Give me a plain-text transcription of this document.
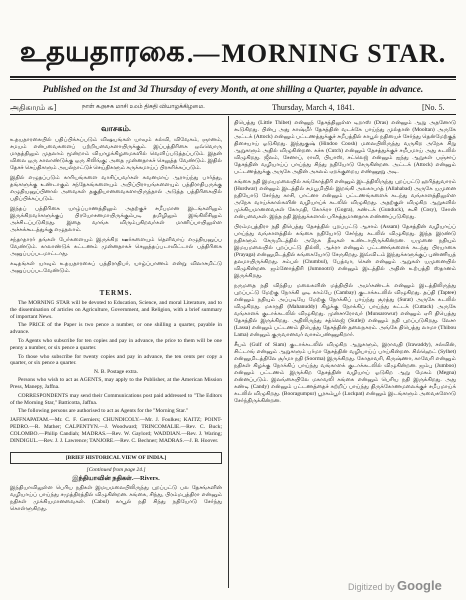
உதயதாரகை .— MORNING STAR.
Published on the 1st and 3d Thursday of every Month, at one shilling a Quarter, payable in advance.
அதிகாரம் ௬]	நாள் ௧௮௪௧ மாசி ௨௰ம் திகதி வியாழக்கிழமை.	Thursday, March 4, 1841.	[No. 5.
வாசகம்.

உதயதாரகையில் பதிப்பிக்கப்படும் விஷயங்கள் யாவும் கல்வி, விவேகம், ஞானம், சமயம் என்பவைகளைப் பற்றியவைகளாயிருக்கும். இப்பத்திரிகை ஒவ்வொரு மாதத்திலும் முதலாம் மூன்றாம் வியாழக்கிழமைகளில் வெளிப்படுத்தப்படும். இதன் விலை ஒரு காலாண்டுக்கு ஒரு சிலிங்கு; அதை முன்னதாகச் செலுத்த வேண்டும். இதில் தேசச் செய்திகளும் அயல்நாட்டுச் செய்திகளும் சுருக்கமாய்ப் பிரசுரிக்கப்படும்.

இதில் எழுதப்படும் காரியங்களை வாசிப்பவர்கள் கவனமாய் ஆராய்ந்து பார்த்து, தங்களுக்கு உண்டாகும் சந்தேகங்களையும் அபிப்பிராயங்களையும் பத்திராதிபருக்கு எழுதியனுப்பினால் அவைகள் தகுதியானவைகளாயிருந்தால் அடுத்த பத்திரிகையில் பதிப்பிக்கப்படும்.

இந்தப் பத்திரிகை யாழ்ப்பாணத்திலும் அதற்குச் சமீபமான இடங்களிலும் இருக்கிறவர்களுக்குப் பிரயோசனமாயிருக்கும்படி தமிழிலும் இங்கிலீசிலும் அச்சிடப்படுகிறது. இதை வாங்க விரும்புகிறவர்கள் மானிப்பாயிலுள்ள அச்சுக்கூடத்துக்கு எழுதலாம்.

சந்தாதாரர் தங்கள் பேர்களையும் இருக்கிற ஊர்களையும் தெளிவாய் எழுதியனுப்ப வேண்டும். காலாண்டுக் கட்டணம் முன்னதாகச் செலுத்தப்படாவிட்டால் பத்திரிகை அனுப்பப்படமாட்டாது.

கடிதங்கள் யாவும் உதயதாரகைப் பத்திராதிபர், யாழ்ப்பாணம் என்று விலாசமிட்டு அனுப்பப்படவேண்டும்.

TERMS.

The MORNING STAR will be devoted to Education, Science, and moral Literature, and to the dissemination of articles on Agriculture, Government, and Religion, with a brief summary of important News.

The PRICE of the Paper is two pence a number, or one shilling a quarter, payable in advance.

To Agents who subscribe for ten copies and pay in advance, the price to them will be one penny a number, or six pence a quarter.

To those who subscribe for twenty copies and pay in advance, the ten cents per copy a quarter, or six pence a quarter.

N. B. Postage extra.

Persons who wish to act as AGENTS, may apply to the Publisher, at the American Mission Press, Manepy, Jaffna.

CORRESPONDENTS may send their Communications post paid addressed to "The Editors of the Morning Star," Batticotta, Jaffna.

The following persons are authorised to act as Agents for the "Morning Star."

JAFFNAPATAM.—Mr. C. F. Gerniers; CHUNDICOLY.—Mr. J. Foulkes; KAITZ; POINT-PEDRO.—R. Mather; CALPENTYN.—J. Woodward; TRINCOMALIE.—Rev. C. Buck; COLOMBO.—Philip Candiah; MADRAS.—Rev. W. Gaylord; WADDIAN.—Rev. J. Waring; DINDIGUL.—Rev. J. J. Lawrence; TANJORE.—Rev. C. Bechner; MADRAS.—J. B. Hoover.

[BRIEF HISTORICAL VIEW OF INDIA.]
[Continued from page 24.]
இந்தியாவின் நதிகள்.—Rivers.

இந்தியாவிலுள்ள பெரிய நதிகள் இமயமலையிலிருந்து புறப்பட்டு பல தேசங்களின் வழியாய்ப் பாய்ந்து சமுத்திரத்தில் விழுகின்றன. கங்கை, சிந்து, பிரம்மபுத்திரா என்னும் நதிகள் முக்கியமானவைகள். (Cabul) காபூல் நதி சிந்து நதியோடு சேர்ந்து கொள்ளுகிறது.

திபெத்து (Little Thibet) என்னுந் தேசத்திலுள்ள டிறாஸ் (Dras) என்னும் ஆறு அதனோடு கூடுகிறது. பின்பு அது காஷ்மீர் தேசத்தின் வடக்கே பாய்ந்து முல்தான் (Mooltan) அருகே அட்டக் (Attock) என்னும் பட்டணத்துக்குச் சமீபத்தில் காபூல் நதியைச் சேர்ந்து தென்மேற்குத் திசையாய் ஓடுகிறது. இந்துகுஷ் (Hindoo Coosh) மலையிலிருந்து வருகிற அநேக சிறு ஆறுகளும் அதில் விழுகின்றன. கச்சு (Cutch) என்னும் தேசத்துக்குச் சமீபமாய் அது கடலில் விழுகிறது. ஜீலம், சேனாப், ராவி, பியாஸ், சட்லெஜ் என்னும் ஐந்து ஆறுகள் பஞ்சாப் தேசத்தின் வழியாய்ப் பாய்ந்து சிந்து நதியோடு சேருகின்றன. அட்டக் (Attock) என்னும் பட்டணத்துக்கு அருகே அதின் அகலம் ஏறக்குறைய எண்ணூறு அடி.

கங்கை நதி இமயமலையில் கங்கோத்திரி என்னும் இடத்திலிருந்து புறப்பட்டு ஹரித்துவாரம் (Hurdwar) என்னும் இடத்தில் சமபூமியில் இறங்கி அலகாபாத் (Allahabad) அருகே யமுனை நதியோடு சேர்ந்து காசி, பாட்னா என்னும் பட்டணங்களைக் கடந்து வங்காளத்திலுள்ள அநேக வாய்க்கால்களின் வழியாய்க் கடலில் விழுகிறது. அதற்குள் விழுகிற ஆறுகளில் முக்கியமானவைகள் கோமதி, கோக்ரா (Gogra), கண்டக் (Gunduck), கூசி (Cosy), சோன் என்பவைகள். இந்த நதி இந்துக்களால் பரிசுத்தமானதாக எண்ணப்படுகிறது.

பிரம்மபுத்திரா நதி திபெத்து தேசத்தில் புறப்பட்டு ஆசாம் (Assam) தேசத்தின் வழியாய்ப் பாய்ந்து வங்காளத்தில் கங்கை நதியோடு சேர்ந்து கடலில் விழுகிறது. இந்த இரண்டு நதிகளும் சேருமிடத்தில் அநேக தீவுகள் உண்டாயிருக்கின்றன. யமுனை நதியும் இமயமலையில் புறப்பட்டு தில்லி, ஆக்ரா என்னும் பட்டணங்களைக் கடந்து பிரயாகை (Prayaga) என்னுமிடத்தில் கங்கையோடு சேருகிறது. இவ்விடம் இந்துக்களுக்குப் புண்ணியத் தலமாயிருக்கிறது. சம்பல் (Chumbul), பேத்வா, கென் என்னும் ஆறுகள் யமுனையில் விழுகின்றன. ஜம்னோத்திரி (Jumnootri) என்னும் இடத்தில் அதின் உற்பத்தி ஸ்தானம் இருக்கிறது.

நருமதை நதி விந்திய மலைகளின் மத்தியில் அமர்கண்டக் என்னும் இடத்திலிருந்து புறப்பட்டு மேற்கு நோக்கி ஓடி காம்பே (Cambay) குடாக்கடலில் விழுகிறது. தப்தி (Taptee) என்னும் நதியும் அப்படியே மேற்கு நோக்கிப் பாய்ந்து சூரத்து (Surat) அருகே கடலில் விழுகிறது. மகாநதி (Mahanuddy) கிழக்கு நோக்கிப் பாய்ந்து கட்டக் (Cuttack) அருகே வங்காளக் குடாக்கடலில் விழுகிறது. முன்சாரோவர் (Munsarowur) என்னும் ஏரி திபெத்து தேசத்தில் இருக்கிறது. அதிலிருந்து சத்லெஜ் (Sutlej) என்னும் நதி புறப்படுகிறது. லேசா (Lassa) என்னும் பட்டணம் திபெத்து தேசத்தின் தலைநகரம். அங்கே திபெத்து லாமா (Thibou Lama) என்னும் குருவானவர் வாசம்பண்ணுகிறார்.

சீயம் (Gulf of Siam) குடாக்கடலில் விழுகிற ஆறுகளும், இராவதி (Irawaddy), சல்வின், சிட்டாங் என்னும் ஆறுகளும் பர்மா தேசத்தின் வழியாய்ப் பாய்கின்றன. சில்ஹெட் (Sylhet) என்னுமிடத்திலே சூர்மா நதி (Soorma) இருக்கிறது. கோதாவரி, கிருஷ்ணா, காவேரி என்னும் நதிகள் கிழக்கு நோக்கிப் பாய்ந்து வங்காளக் குடாக்கடலில் விழுகின்றன. ஜம்பு (Jumboo) என்னும் பட்டணம் இருக்கிற தேசத்தின் வழியாய் ஓடுகிற ஆறு மேகம் (Megna) என்னப்படும். இலங்கையிலே மகாவலி கங்கை என்னும் பெரிய நதி இருக்கிறது. அது கண்டி (Candy) என்னும் பட்டணத்தைச் சுற்றிப் பாய்ந்து திருக்கோணமலைக்குச் சமீபமாய்க் கடலில் விழுகிறது. (Booragumpur) பூரகம்பூர் (Luckpat) என்னும் இடங்களும் அவைகளோடு சேர்ந்திருக்கின்றன.

Digitized by Google
